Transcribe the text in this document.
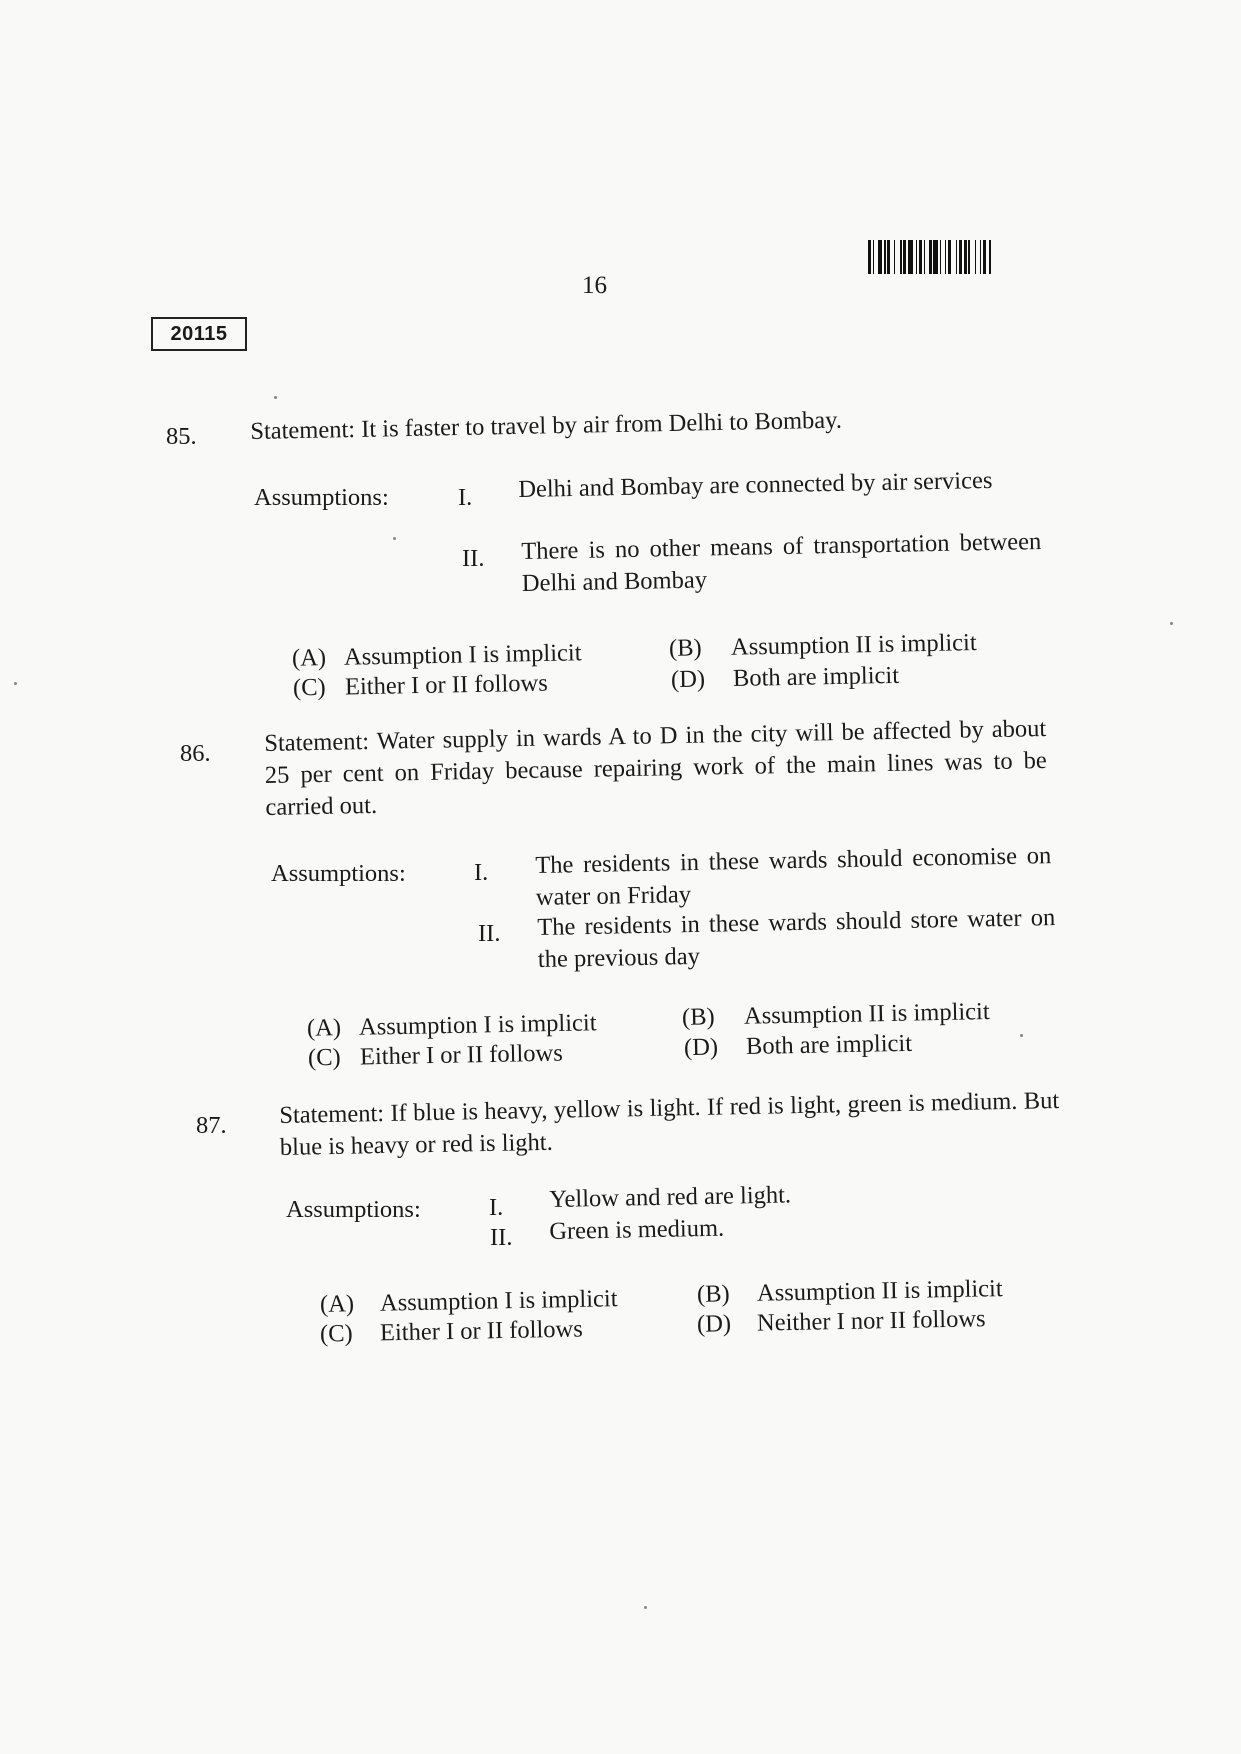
16
20115
85. Statement: It is faster to travel by air from Delhi to Bombay.
Assumptions:	I. Delhi and Bombay are connected by air services
II. There is no other means of transportation between Delhi and Bombay
(A) Assumption I is implicit	(B) Assumption II is implicit
(C) Either I or II follows	(D) Both are implicit
86. Statement: Water supply in wards A to D in the city will be affected by about 25 per cent on Friday because repairing work of the main lines was to be carried out.
Assumptions:	I. The residents in these wards should economise on water on Friday
II. The residents in these wards should store water on the previous day
(A) Assumption I is implicit	(B) Assumption II is implicit
(C) Either I or II follows	(D) Both are implicit
87. Statement: If blue is heavy, yellow is light. If red is light, green is medium. But blue is heavy or red is light.
Assumptions:	I. Yellow and red are light.
II. Green is medium.
(A) Assumption I is implicit	(B) Assumption II is implicit
(C) Either I or II follows	(D) Neither I nor II follows
